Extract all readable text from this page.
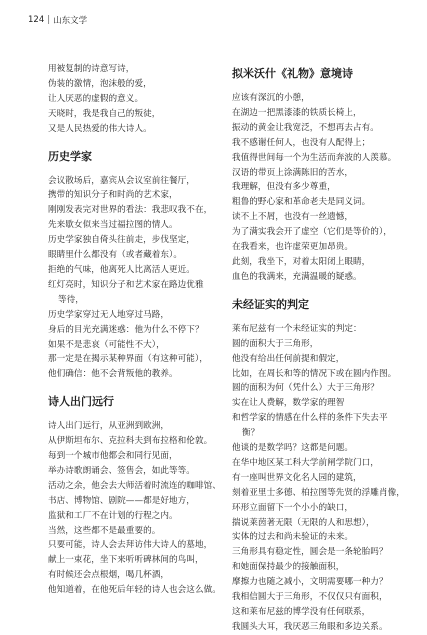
124 | 山东文学
用被复制的诗意写诗，
伪装的激情，泡沫般的爱，
让人厌恶的虚假的意义。
天晓时，我是我自己的叛徒，
又是人民热爱的伟大诗人。
历史学家
会议散场后，嘉宾从会议室前往餐厅，
携带的知识分子和时尚的艺术家，
刚刚发表完对世界的看法：我悲叹我不在，
先来歇女似来当过福拉图的情人。
历史学家独自倚头往前走，步伐坚定，
眼睛里什么都没有（或者藏着东）。
拒绝的气味，他离死人比离活人更近。
红灯亮时，知识分子和艺术家在路边优雅
等待，
历史学家穿过无人地穿过马路，
身后的目光充满迷惑：他为什么不停下？
如果不是悲哀（可能性不大），
那一定是在揭示某种界面（有这种可能），
他们确信：他不会背叛他的教养。
诗人出门远行
诗人出门远行，从亚洲到欧洲，
从伊斯坦布尔、克拉科夫到布拉格和伦敦。
每到一个城市他都会和同行见面，
举办诗歌朗诵会、签售会，如此等等。
活动之余，他会去大师活着时流连的咖啡馆、
书店、博物馆、剧院——都是好地方，
监狱和工厂不在计划的行程之内。
当然，这些都不是最重要的。
只要可能，诗人会去拜访伟大诗人的墓地，
献上一束花，坐下来听听碑林间的鸟叫，
有时候还会点根烟，喝几杯酒，
他知道着，在他死后年轻的诗人也会这么做。
拟米沃什《礼物》意境诗
应该有深沉的小憩，
在湖边一把黑漆漆的铁质长椅上，
振动的黄金让我宽泛，不想再去占有。
我不感谢任何人，也没有人配得上；
我值得世间每一个为生活而奔波的人羡慕。
汉语的带页上涂满陈旧的苦水，
我理解，但没有多少尊重，
粗鲁的野心家和革命老夫是同义词。
读不上不屑，也没有一丝遗憾，
为了满实我会开了虚空（它们是等价的），
在我看来，也许虚荣更加昂贵。
此刻，我坐下，对着太阳闭上眼睛，
血色的我满来，充满温暖的疑惑。
未经证实的判定
莱布尼兹有一个未经证实的判定：
圆的面积大于三角形，
他没有给出任何前提和假定，
比如，在周长和等的情况下或在圆内作图。
圆的面积为何（凭什么）大于三角形？
实在让人费解，数学家的理智
和哲学家的情感在什么样的条件下失去平
衡？
他谈的是数学吗？这都是问题。
在华中地区某工科大学前闸学院门口，
有一座叫世界文化名人园的建筑，
刻着亚里士多德、柏拉图等先贤的浮雕肖像，
环形立面留下一个小小的缺口，
揣说莱茵著无限（无限的人和思想），
实体的过去和尚未验证的未来。
三角形具有稳定性，圆会是一条轮胎吗？
和她面保持最少的接触面积，
摩擦力也随之减小，文明需要哪一种力？
我相信圆大于三角形，不仅仅只有面积，
这和莱布尼兹的博学没有任何联系，
我圆头大耳，我厌恶三角眼和多边关系。
